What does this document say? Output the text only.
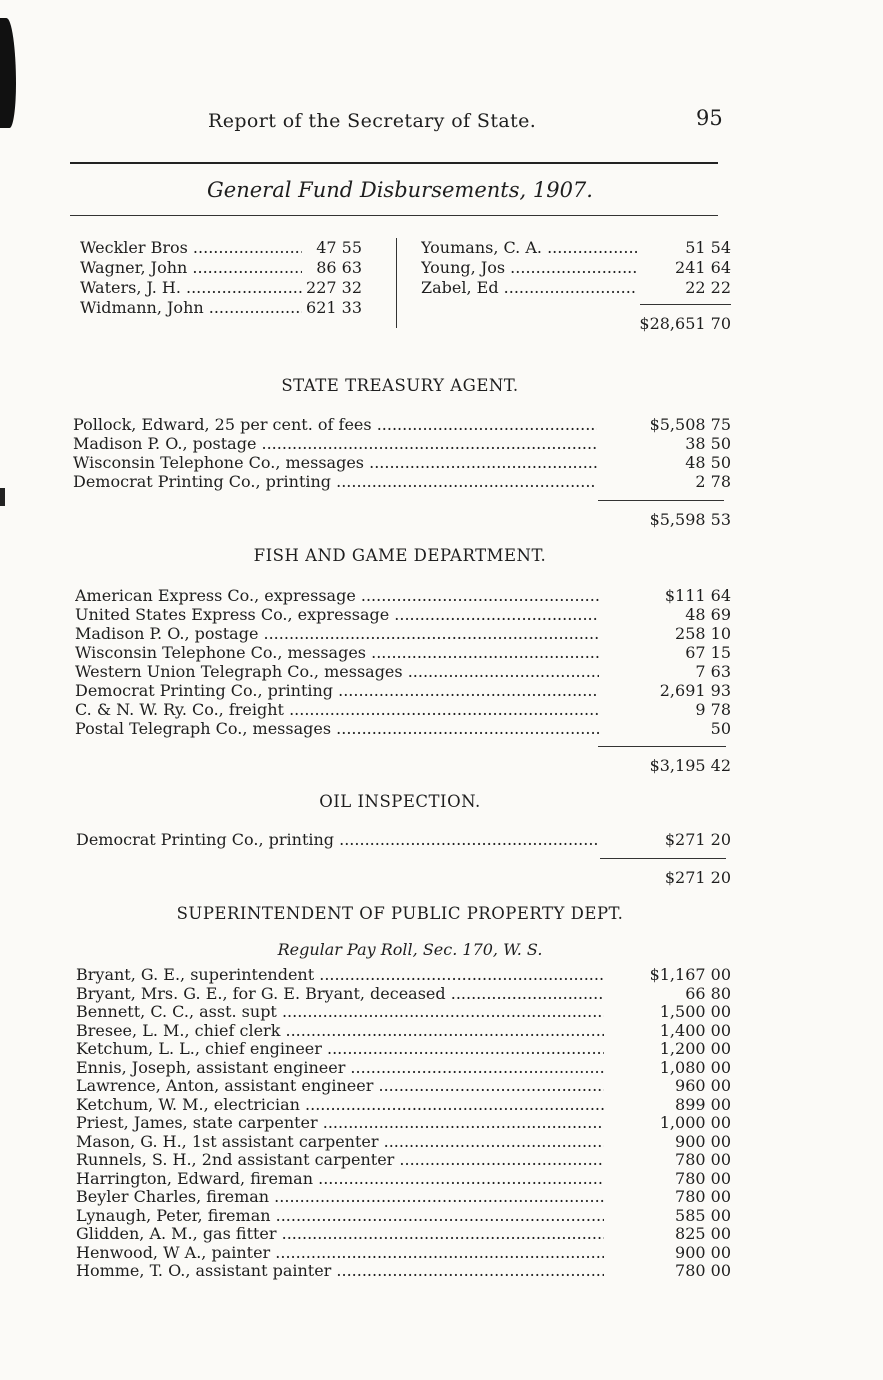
Report of the Secretary of State.	95
General Fund Disbursements, 1907.
Weckler Bros .....	47 55
Wagner, John .....	86 63
Waters, J. H. .....	227 32
Widmann, John .....	621 33
Youmans, C. A. .....	51 54
Young, Jos .....	241 64
Zabel, Ed .....	22 22
$28,651 70
STATE TREASURY AGENT.
Pollock, Edward, 25 per cent. of fees .....	$5,508 75
Madison P. O., postage .....	38 50
Wisconsin Telephone Co., messages .....	48 50
Democrat Printing Co., printing .....	2 78
$5,598 53
FISH AND GAME DEPARTMENT.
American Express Co., expressage .....	$111 64
United States Express Co., expressage .....	48 69
Madison P. O., postage .....	258 10
Wisconsin Telephone Co., messages .....	67 15
Western Union Telegraph Co., messages .....	7 63
Democrat Printing Co., printing .....	2,691 93
C. & N. W. Ry. Co., freight .....	9 78
Postal Telegraph Co., messages .....	50
$3,195 42
OIL INSPECTION.
Democrat Printing Co., printing .....	$271 20
$271 20
SUPERINTENDENT OF PUBLIC PROPERTY DEPT.
Regular Pay Roll, Sec. 170, W. S.
Bryant, G. E., superintendent .....	$1,167 00
Bryant, Mrs. G. E., for G. E. Bryant, deceased .....	66 80
Bennett, C. C., asst. supt .....	1,500 00
Bresee, L. M., chief clerk .....	1,400 00
Ketchum, L. L., chief engineer .....	1,200 00
Ennis, Joseph, assistant engineer .....	1,080 00
Lawrence, Anton, assistant engineer .....	960 00
Ketchum, W. M., electrician .....	899 00
Priest, James, state carpenter .....	1,000 00
Mason, G. H., 1st assistant carpenter .....	900 00
Runnels, S. H., 2nd assistant carpenter .....	780 00
Harrington, Edward, fireman .....	780 00
Beyler Charles, fireman .....	780 00
Lynaugh, Peter, fireman .....	585 00
Glidden, A. M., gas fitter .....	825 00
Henwood, W A., painter .....	900 00
Homme, T. O., assistant painter .....	780 00
